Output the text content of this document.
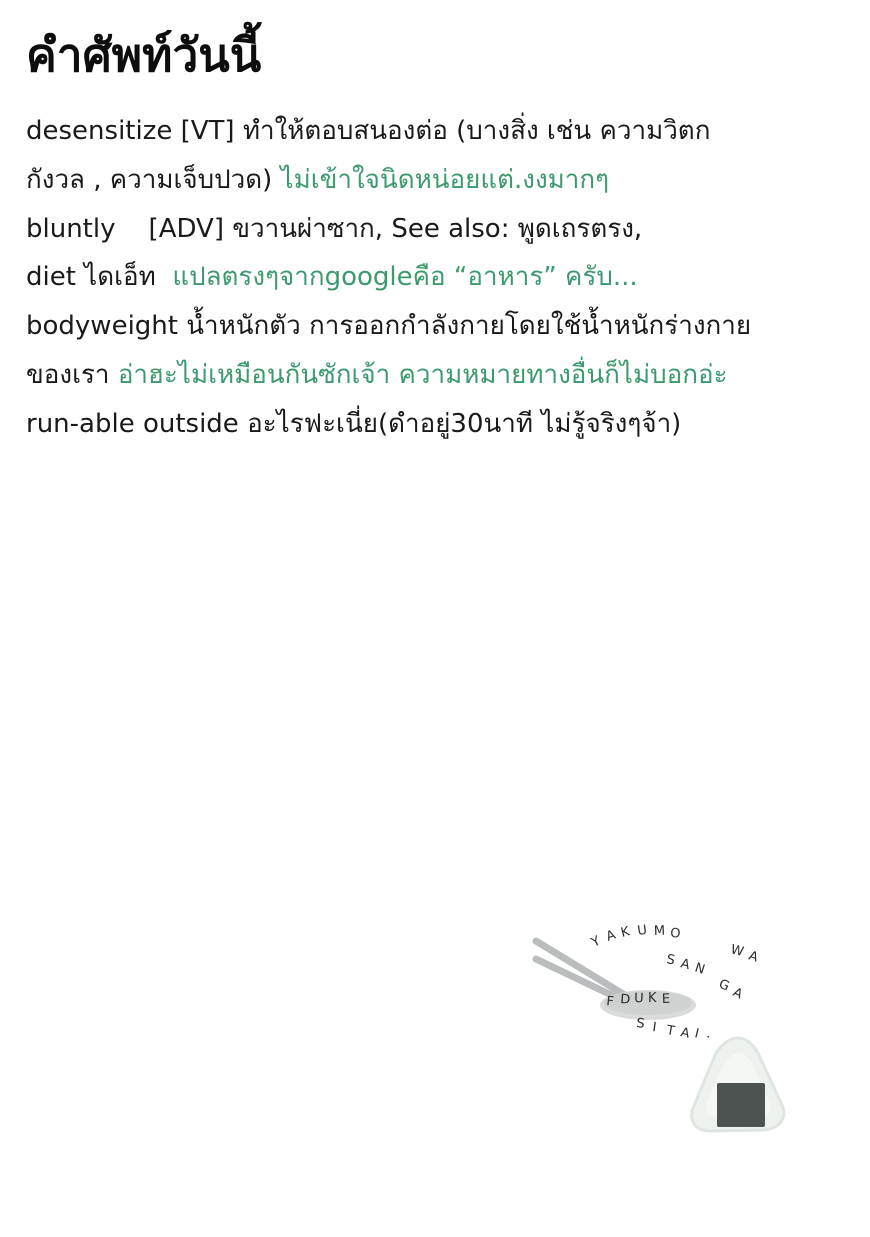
คำศัพท์วันนี้

desensitize [VT] ทำให้ตอบสนองต่อ (บางสิ่ง เช่น ความวิตก

กังวล , ความเจ็บปวด) ไม่เข้าใจนิดหน่อยแต่.งงมากๆ

bluntly    [ADV] ขวานผ่าซาก, See also: พูดเถรตรง,

diet ไดเอ็ท  แปลตรงๆจากgoogleคือ “อาหาร” ครับ...

bodyweight น้ำหนักตัว การออกกำลังกายโดยใช้น้ำหนักร่างกาย

ของเรา อ่าฮะไม่เหมือนกันซักเจ้า ความหมายทางอื่นก็ไม่บอกอ่ะ

run-able outside อะไรฟะเนี่ย(ดำอยู่30นาที ไม่รู้จริงๆจ้า)

Y A K U M O
S A N
W A
G
A
F D U K E
S I T A I .
